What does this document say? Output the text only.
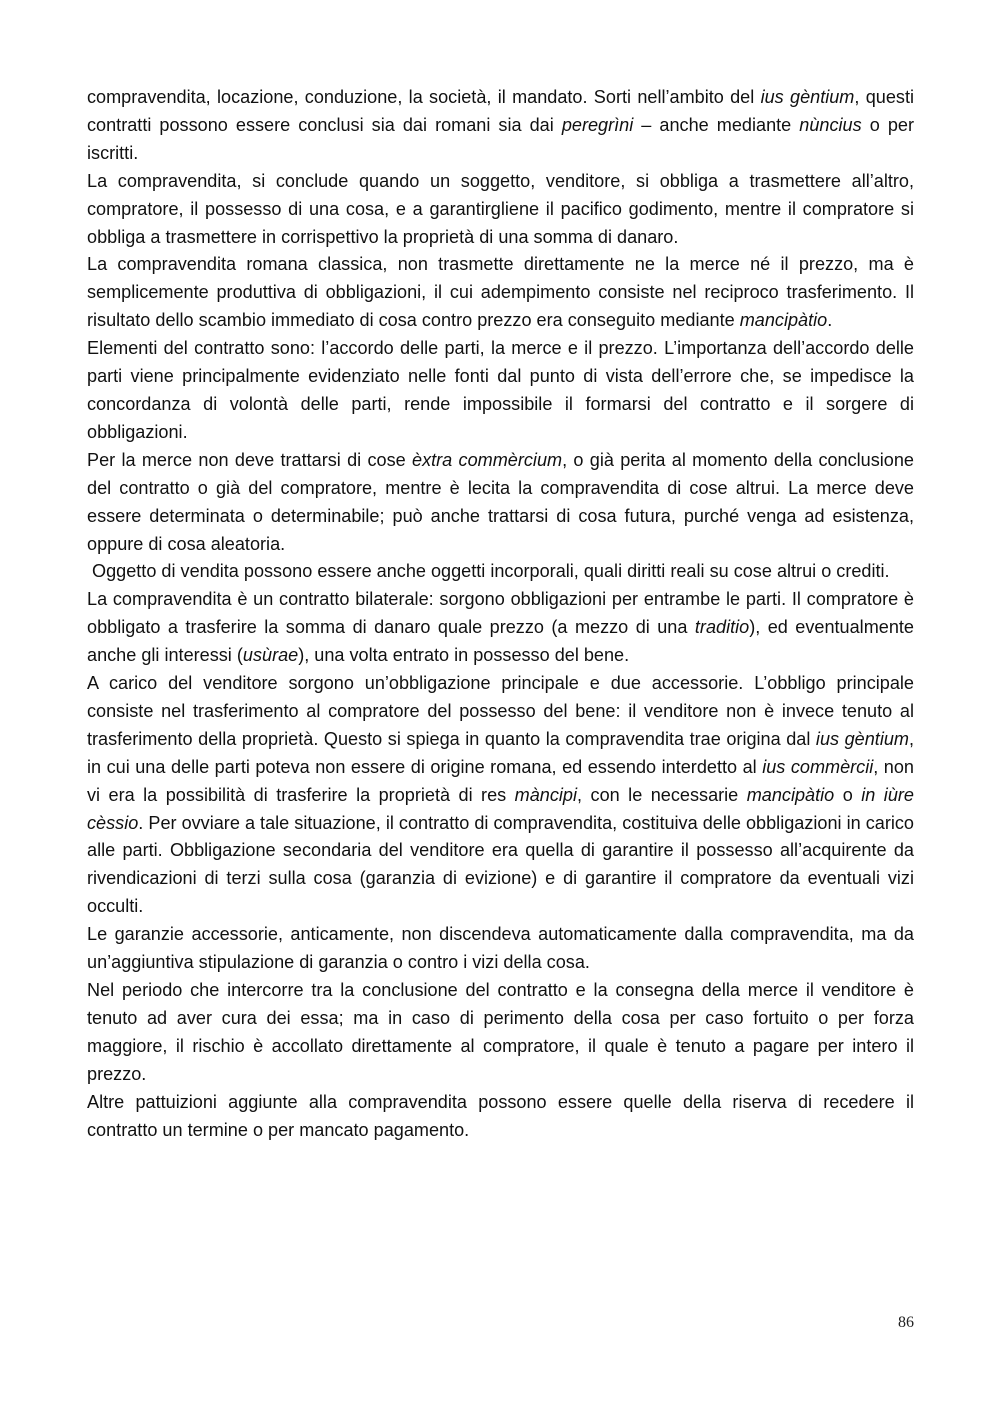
compravendita, locazione, conduzione, la società, il mandato. Sorti nell’ambito del ius gèntium, questi contratti possono essere conclusi sia dai romani sia dai peregrìni – anche mediante nùncius o per iscritti.

La compravendita, si conclude quando un soggetto, venditore, si obbliga a trasmettere all’altro, compratore, il possesso di una cosa, e a garantirgliene il pacifico godimento, mentre il compratore si obbliga a trasmettere in corrispettivo la proprietà di una somma di danaro.

La compravendita romana classica, non trasmette direttamente ne la merce né il prezzo, ma è semplicemente produttiva di obbligazioni, il cui adempimento consiste nel reciproco trasferimento. Il risultato dello scambio immediato di cosa contro prezzo era conseguito mediante mancipàtio.

Elementi del contratto sono: l’accordo delle parti, la merce e il prezzo. L’importanza dell’accordo delle parti viene principalmente evidenziato nelle fonti dal punto di vista dell’errore che, se impedisce la concordanza di volontà delle parti, rende impossibile il formarsi del contratto e il sorgere di obbligazioni.

Per la merce non deve trattarsi di cose èxtra commèrcium, o già perita al momento della conclusione del contratto o già del compratore, mentre è lecita la compravendita di cose altrui. La merce deve essere determinata o determinabile; può anche trattarsi di cosa futura, purché venga ad esistenza, oppure di cosa aleatoria.

Oggetto di vendita possono essere anche oggetti incorporali, quali diritti reali su cose altrui o crediti.

La compravendita è un contratto bilaterale: sorgono obbligazioni per entrambe le parti. Il compratore è obbligato a trasferire la somma di danaro quale prezzo (a mezzo di una traditio), ed eventualmente anche gli interessi (usùrae), una volta entrato in possesso del bene.

A carico del venditore sorgono un’obbligazione principale e due accessorie. L’obbligo principale consiste nel trasferimento al compratore del possesso del bene: il venditore non è invece tenuto al trasferimento della proprietà. Questo si spiega in quanto la compravendita trae origina dal ius gèntium, in cui una delle parti poteva non essere di origine romana, ed essendo interdetto al ius commèrcii, non vi era la possibilità di trasferire la proprietà di res màncipi, con le necessarie mancipàtio o in iùre cèssio. Per ovviare a tale situazione, il contratto di compravendita, costituiva delle obbligazioni in carico alle parti. Obbligazione secondaria del venditore era quella di garantire il possesso all’acquirente da rivendicazioni di terzi sulla cosa (garanzia di evizione) e di garantire il compratore da eventuali vizi occulti.

Le garanzie accessorie, anticamente, non discendeva automaticamente dalla compravendita, ma da un’aggiuntiva stipulazione di garanzia o contro i vizi della cosa.

Nel periodo che intercorre tra la conclusione del contratto e la consegna della merce il venditore è tenuto ad aver cura dei essa; ma in caso di perimento della cosa per caso fortuito o per forza maggiore, il rischio è accollato direttamente al compratore, il quale è tenuto a pagare per intero il prezzo.

Altre pattuizioni aggiunte alla compravendita possono essere quelle della riserva di recedere il contratto un termine o per mancato pagamento.

86
